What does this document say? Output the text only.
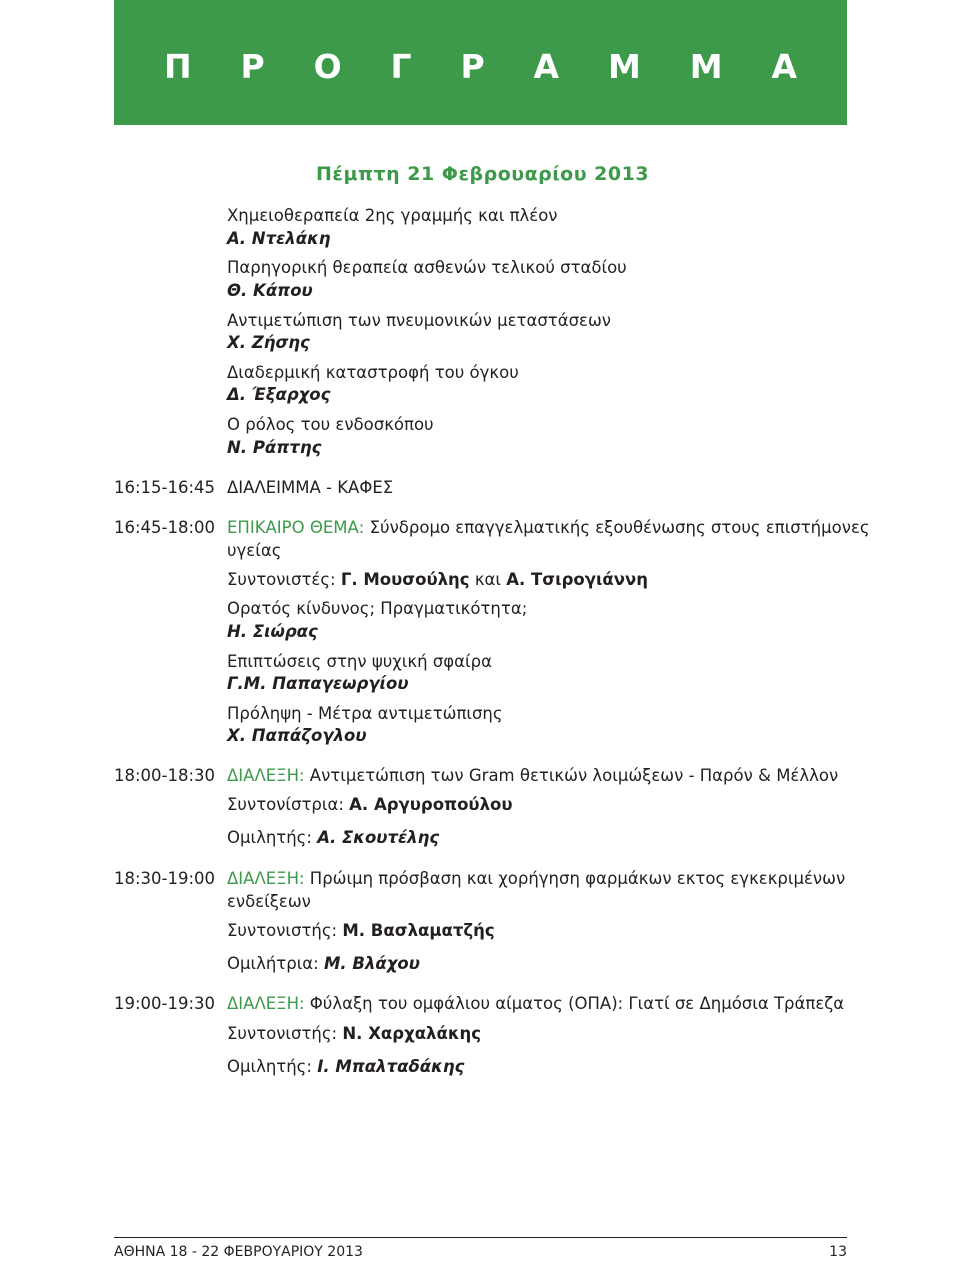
Π Ρ Ο Γ Ρ Α Μ Μ Α
Πέμπτη 21 Φεβρουαρίου 2013
Χημειοθεραπεία 2ης γραμμής και πλέον
Α. Ντελάκη
Παρηγορική θεραπεία ασθενών τελικού σταδίου
Θ. Κάπου
Αντιμετώπιση των πνευμονικών μεταστάσεων
Χ. Ζήσης
Διαδερμική καταστροφή του όγκου
Δ. Έξαρχος
Ο ρόλος του ενδοσκόπου
Ν. Ράπτης
16:15-16:45 ΔΙΑΛΕΙΜΜΑ - ΚΑΦΕΣ
16:45-18:00 ΕΠΙΚΑΙΡΟ ΘΕΜΑ: Σύνδρομο επαγγελματικής εξουθένωσης στους επιστήμονες
υγείας
Συντονιστές: Γ. Μουσούλης και Α. Τσιρογιάννη
Ορατός κίνδυνος; Πραγματικότητα;
Η. Σιώρας
Επιπτώσεις στην ψυχική σφαίρα
Γ.Μ. Παπαγεωργίου
Πρόληψη - Μέτρα αντιμετώπισης
Χ. Παπάζογλου
18:00-18:30 ΔΙΑΛΕΞΗ: Αντιμετώπιση των Gram θετικών λοιμώξεων - Παρόν & Μέλλον
Συντονίστρια: Α. Αργυροπούλου
Ομιλητής: Α. Σκουτέλης
18:30-19:00 ΔΙΑΛΕΞΗ: Πρώιμη πρόσβαση και χορήγηση φαρμάκων εκτος εγκεκριμένων
ενδείξεων
Συντονιστής: Μ. Βασλαματζής
Ομιλήτρια: Μ. Βλάχου
19:00-19:30 ΔΙΑΛΕΞΗ: Φύλαξη του ομφάλιου αίματος (ΟΠΑ): Γιατί σε Δημόσια Τράπεζα
Συντονιστής: Ν. Χαρχαλάκης
Ομιλητής: Ι. Μπαλταδάκης
ΑΘΗΝΑ 18 - 22 ΦΕΒΡΟΥΑΡΙΟΥ 2013	13
